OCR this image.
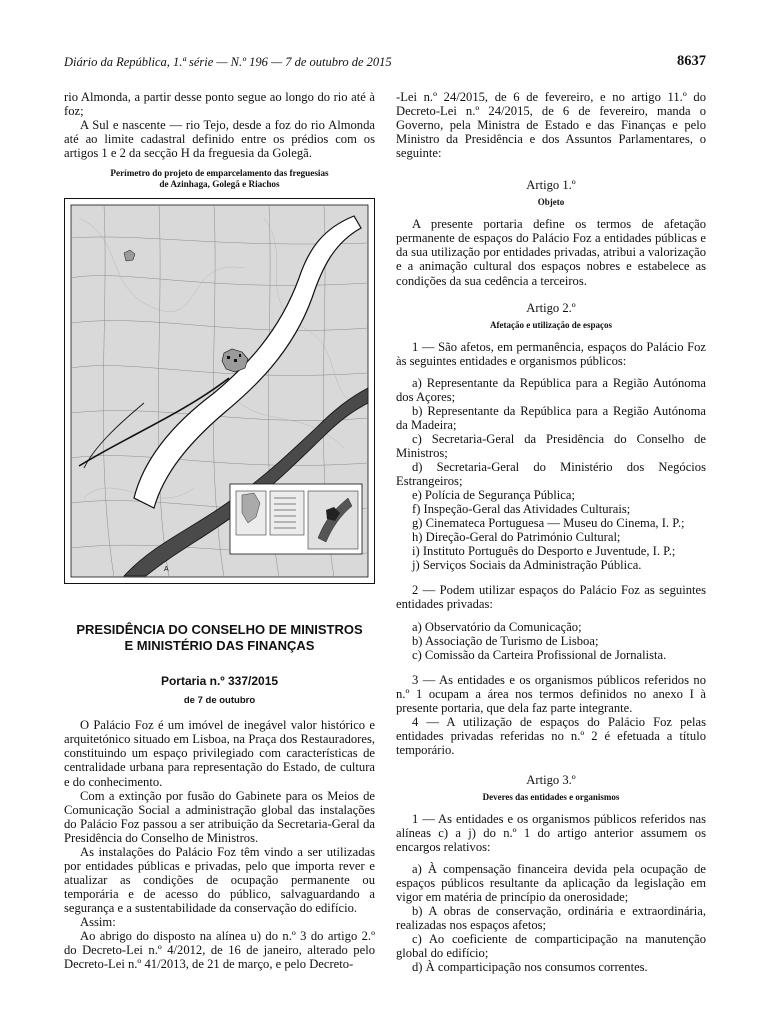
Diário da República, 1.ª série — N.º 196 — 7 de outubro de 2015	8637

rio Almonda, a partir desse ponto segue ao longo do rio até à foz;

A Sul e nascente — rio Tejo, desde a foz do rio Almonda até ao limite cadastral definido entre os prédios com os artigos 1 e 2 da secção H da freguesia da Golegã.

Perímetro do projeto de emparcelamento das freguesias
de Azinhaga, Golegã e Riachos
A
PRESIDÊNCIA DO CONSELHO DE MINISTROS
E MINISTÉRIO DAS FINANÇAS
Portaria n.º 337/2015
de 7 de outubro

O Palácio Foz é um imóvel de inegável valor histórico e arquitetónico situado em Lisboa, na Praça dos Restauradores, constituindo um espaço privilegiado com características de centralidade urbana para representação do Estado, de cultura e do conhecimento.

Com a extinção por fusão do Gabinete para os Meios de Comunicação Social a administração global das instalações do Palácio Foz passou a ser atribuição da Secretaria-Geral da Presidência do Conselho de Ministros.

As instalações do Palácio Foz têm vindo a ser utilizadas por entidades públicas e privadas, pelo que importa rever e atualizar as condições de ocupação permanente ou temporária e de acesso do público, salvaguardando a segurança e a sustentabilidade da conservação do edifício.

Assim:

Ao abrigo do disposto na alínea u) do n.º 3 do artigo 2.º do Decreto-Lei n.º 4/2012, de 16 de janeiro, alterado pelo Decreto-Lei n.º 41/2013, de 21 de março, e pelo Decreto-

-Lei n.º 24/2015, de 6 de fevereiro, e no artigo 11.º do Decreto-Lei n.º 24/2015, de 6 de fevereiro, manda o Governo, pela Ministra de Estado e das Finanças e pelo Ministro da Presidência e dos Assuntos Parlamentares, o seguinte:

Artigo 1.º
Objeto

A presente portaria define os termos de afetação permanente de espaços do Palácio Foz a entidades públicas e da sua utilização por entidades privadas, atribui a valorização e a animação cultural dos espaços nobres e estabelece as condições da sua cedência a terceiros.

Artigo 2.º
Afetação e utilização de espaços

1 — São afetos, em permanência, espaços do Palácio Foz às seguintes entidades e organismos públicos:

a) Representante da República para a Região Autónoma dos Açores;

b) Representante da República para a Região Autónoma da Madeira;

c) Secretaria-Geral da Presidência do Conselho de Ministros;

d) Secretaria-Geral do Ministério dos Negócios Estrangeiros;

e) Polícia de Segurança Pública;

f) Inspeção-Geral das Atividades Culturais;

g) Cinemateca Portuguesa — Museu do Cinema, I. P.;

h) Direção-Geral do Património Cultural;

i) Instituto Português do Desporto e Juventude, I. P.;

j) Serviços Sociais da Administração Pública.

2 — Podem utilizar espaços do Palácio Foz as seguintes entidades privadas:

a) Observatório da Comunicação;

b) Associação de Turismo de Lisboa;

c) Comissão da Carteira Profissional de Jornalista.

3 — As entidades e os organismos públicos referidos no n.º 1 ocupam a área nos termos definidos no anexo I à presente portaria, que dela faz parte integrante.

4 — A utilização de espaços do Palácio Foz pelas entidades privadas referidas no n.º 2 é efetuada a título temporário.

Artigo 3.º
Deveres das entidades e organismos

1 — As entidades e os organismos públicos referidos nas alíneas c) a j) do n.º 1 do artigo anterior assumem os encargos relativos:

a) À compensação financeira devida pela ocupação de espaços públicos resultante da aplicação da legislação em vigor em matéria de princípio da onerosidade;

b) A obras de conservação, ordinária e extraordinária, realizadas nos espaços afetos;

c) Ao coeficiente de comparticipação na manutenção global do edifício;

d) À comparticipação nos consumos correntes.
